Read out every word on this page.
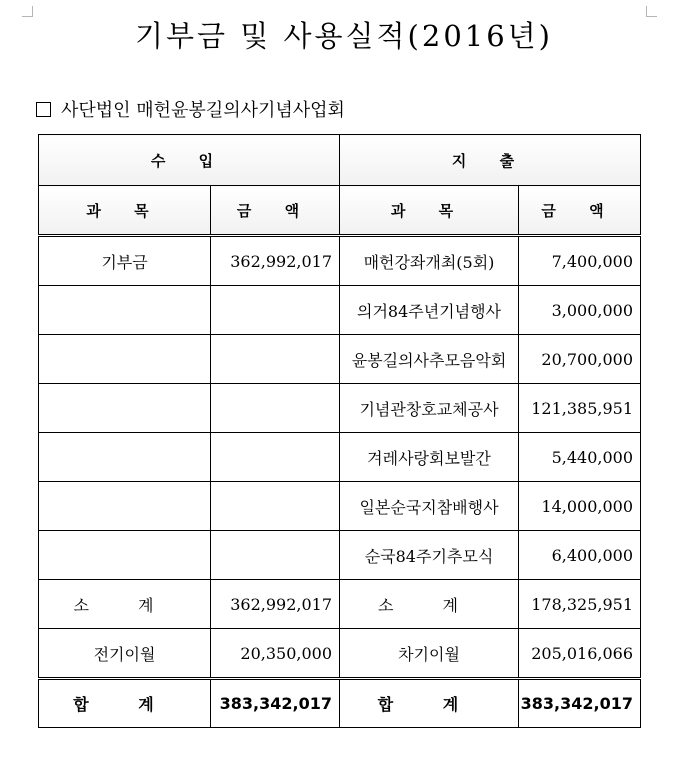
기부금 및 사용실적(2016년)
사단법인 매헌윤봉길의사기념사업회
수 입		지 출	
과 목	금 액	과 목	금 액
기부금	362,992,017	매헌강좌개최(5회)	7,400,000
		의거84주년기념행사	3,000,000
		윤봉길의사추모음악회	20,700,000
		기념관창호교체공사	121,385,951
		겨레사랑회보발간	5,440,000
		일본순국지참배행사	14,000,000
		순국84주기추모식	6,400,000
소 계	362,992,017	소 계	178,325,951
전기이월	20,350,000	차기이월	205,016,066
합 계	383,342,017	합 계	383,342,017
